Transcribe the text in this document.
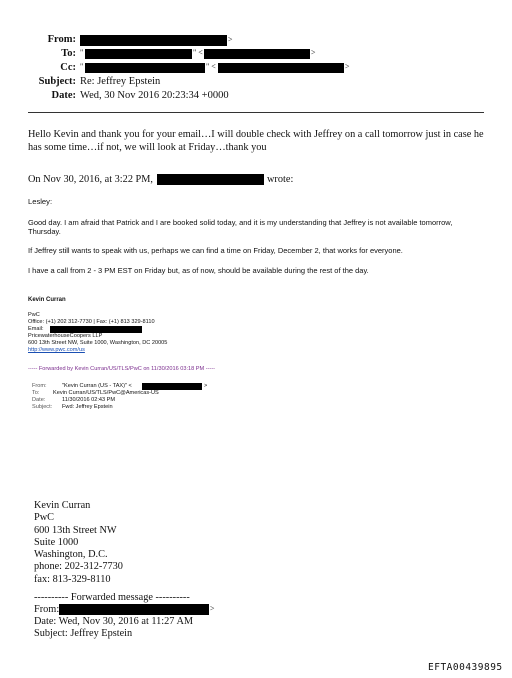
From:	>
To: "	" <	>
Cc: "	" <	>
Subject: Re: Jeffrey Epstein
Date: Wed, 30 Nov 2016 20:23:34 +0000
Hello Kevin and thank you for your email…I will double check with Jeffrey on a call tomorrow just in case he has some time…if not, we will look at Friday…thank you
On Nov 30, 2016, at 3:22 PM,	wrote:
Lesley:
Good day. I am afraid that Patrick and I are booked solid today, and it is my understanding that Jeffrey is not available tomorrow, Thursday.
If Jeffrey still wants to speak with us, perhaps we can find a time on Friday, December 2, that works for everyone.
I have a call from 2 - 3 PM EST on Friday but, as of now, should be available during the rest of the day.
Kevin Curran
PwC
Office: (+1) 202 312-7730 | Fax: (+1) 813 329-8110
Email:
PricewaterhouseCoopers LLP
600 13th Street NW, Suite 1000, Washington, DC 20005
http://www.pwc.com/us
----- Forwarded by Kevin Curran/US/TLS/PwC on 11/30/2016 03:18 PM -----
From:	"Kevin Curran (US - TAX)" <	>
To: Kevin Curran/US/TLS/PwC@Americas-US
Date:	11/30/2016 02:43 PM
Subject: Fwd: Jeffrey Epstein
Kevin Curran
PwC
600 13th Street NW
Suite 1000
Washington, D.C.
phone: 202-312-7730
fax: 813-329-8110
---------- Forwarded message ----------
From:	>
Date: Wed, Nov 30, 2016 at 11:27 AM
Subject: Jeffrey Epstein
EFTA00439895
